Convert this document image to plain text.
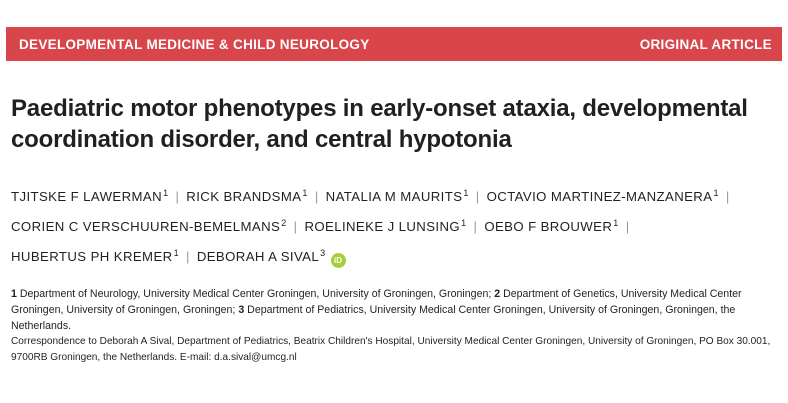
DEVELOPMENTAL MEDICINE & CHILD NEUROLOGY	ORIGINAL ARTICLE
Paediatric motor phenotypes in early-onset ataxia, developmental
coordination disorder, and central hypotonia
TJITSKE F LAWERMAN$^1$ | RICK BRANDSMA$^1$ | NATALIA M MAURITS$^1$ | OCTAVIO MARTINEZ-MANZANERA$^1$ |
CORIEN C VERSCHUUREN-BEMELMANS$^2$ | ROELINEKE J LUNSING$^1$ | OEBO F BROUWER$^1$ |
HUBERTUS PH KREMER$^1$ | DEBORAH A SIVAL$^3$iD
1 Department of Neurology, University Medical Center Groningen, University of Groningen, Groningen; 2 Department of Genetics, University Medical Center Groningen, University of Groningen, Groningen; 3 Department of Pediatrics, University Medical Center Groningen, University of Groningen, Groningen, the Netherlands.
Correspondence to Deborah A Sival, Department of Pediatrics, Beatrix Children's Hospital, University Medical Center Groningen, University of Groningen, PO Box 30.001, 9700RB Groningen, the Netherlands. E-mail: d.a.sival@umcg.nl
